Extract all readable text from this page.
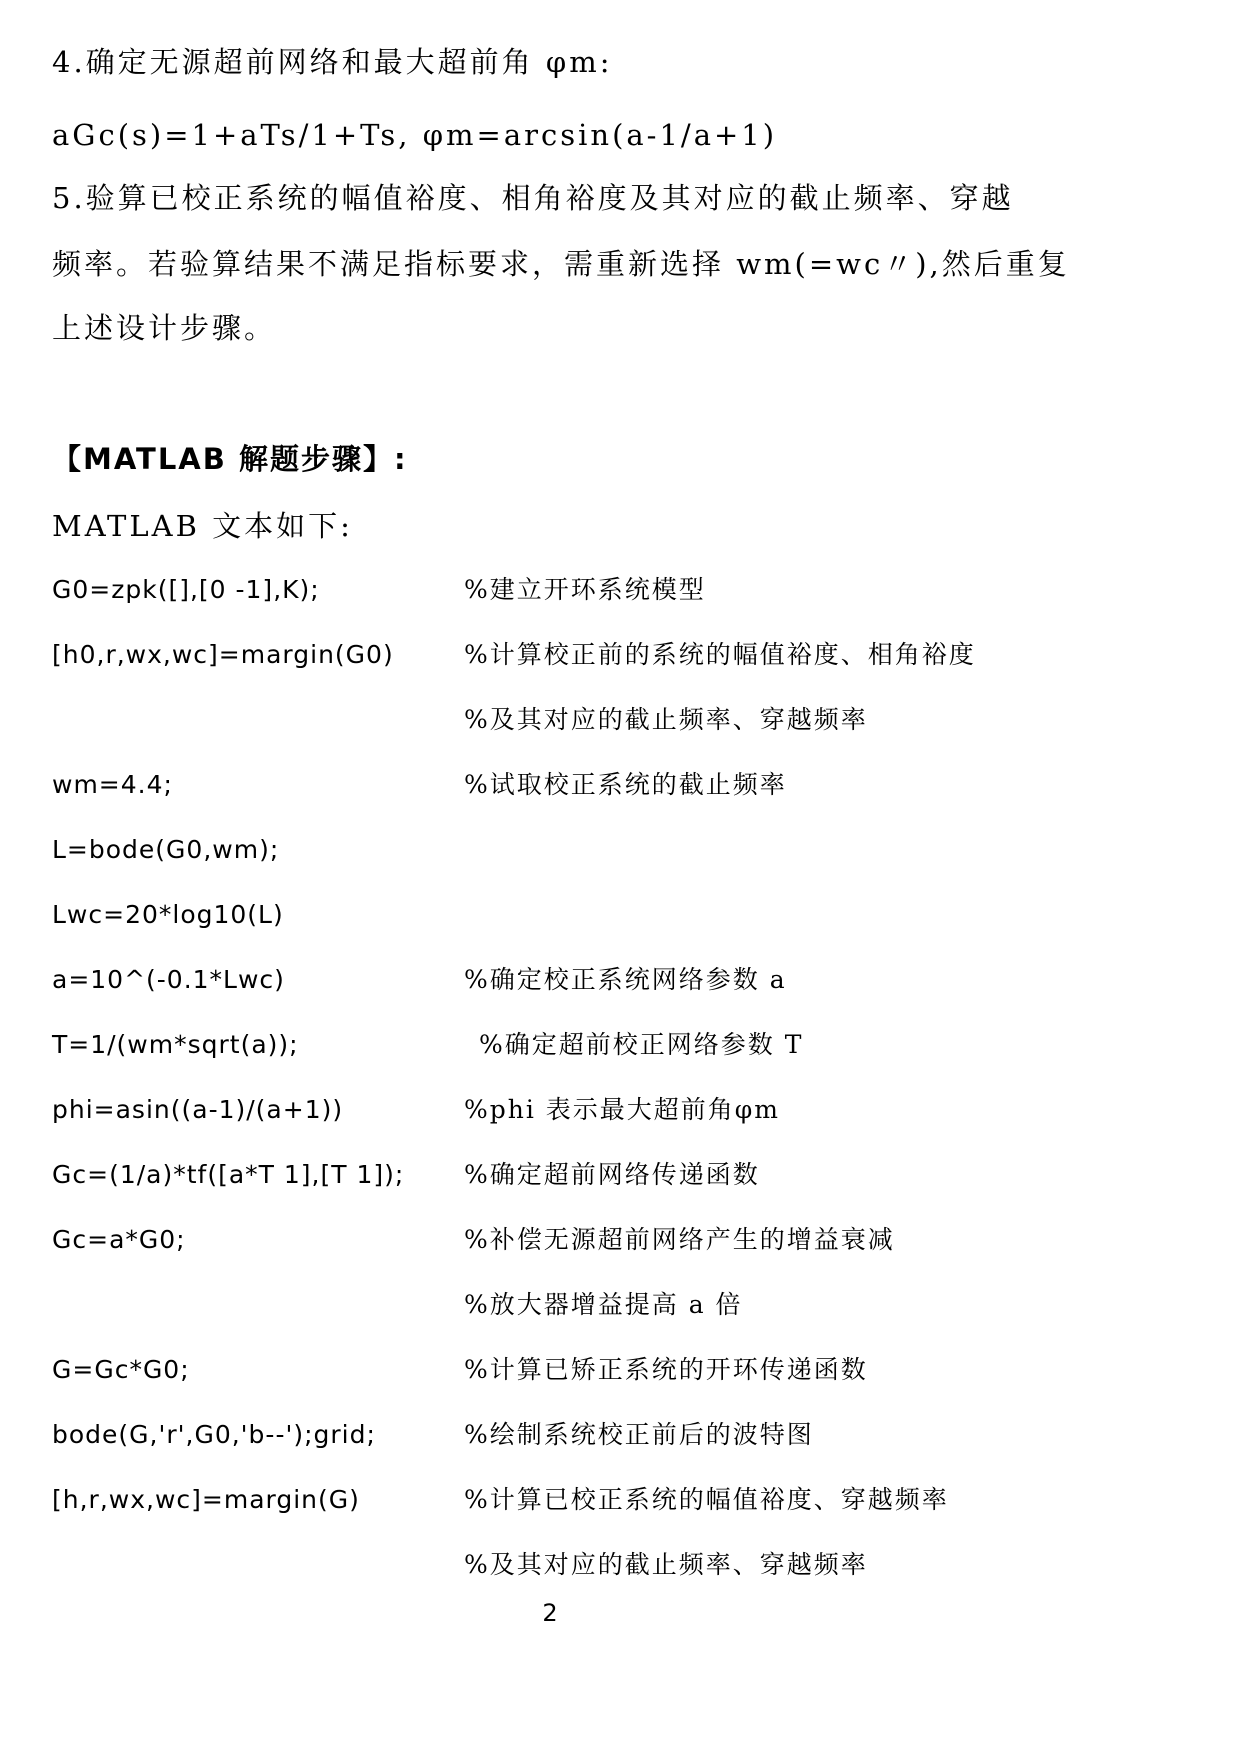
4.确定无源超前网络和最大超前角 φm:
aGc(s)=1+aTs/1+Ts, φm=arcsin(a-1/a+1)
5.验算已校正系统的幅值裕度、相角裕度及其对应的截止频率、穿越
频率。若验算结果不满足指标要求，需重新选择 wm(=wc〃),然后重复
上述设计步骤。
【MATLAB 解题步骤】:
MATLAB 文本如下:
G0=zpk([],[0 -1],K);	%建立开环系统模型
[h0,r,wx,wc]=margin(G0)	%计算校正前的系统的幅值裕度、相角裕度
%及其对应的截止频率、穿越频率
wm=4.4;	%试取校正系统的截止频率
L=bode(G0,wm);
Lwc=20*log10(L)
a=10^(-0.1*Lwc)	%确定校正系统网络参数 a
T=1/(wm*sqrt(a));	%确定超前校正网络参数 T
phi=asin((a-1)/(a+1))	%phi 表示最大超前角φm
Gc=(1/a)*tf([a*T 1],[T 1]); %确定超前网络传递函数
Gc=a*G0;	%补偿无源超前网络产生的增益衰减
%放大器增益提高 a 倍
G=Gc*G0;	%计算已矫正系统的开环传递函数
bode(G,'r',G0,'b--');grid;	%绘制系统校正前后的波特图
[h,r,wx,wc]=margin(G)	%计算已校正系统的幅值裕度、穿越频率
%及其对应的截止频率、穿越频率
2
